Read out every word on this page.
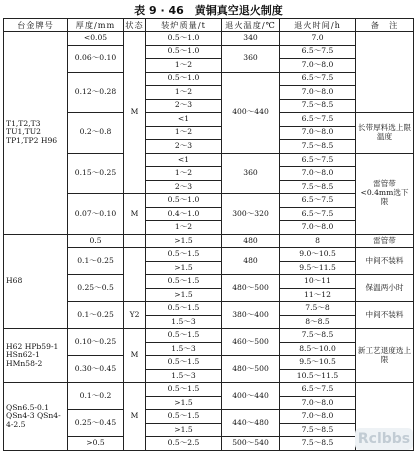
表 9 · 46　黄铜真空退火制度
台金牌号	厚度/mm	状态	装炉质量/t	退火温度/℃	退火时间/h	备　注
T1,T2,T3 TU1,TU2 TP1,TP2 H96	<0.05	M	0.5～1.0	340	7.0	
	0.06～0.10		0.5～1.0	360	6.5～7.5	
			1～2		7.0～8.0	
	0.12～0.28		0.5～1.0	400～440	6.5～7.5	
			1～2		7.0～8.0	
			2～3		7.5～8.5	
	0.2～0.8		<1		6.5～7.5	长带厚料选上限温度
			1～2		7.0～8.0	
			2～3		7.5～8.5	
	0.15～0.25		<1	360	6.5～7.5	雷管带<0.4mm选下限
			1～2		7.0～8.0	
			2～3		7.5～8.5	
	0.07～0.10	M	0.5～1.0	300～320	6.5～7.5	
			0.4～1.0		6.5～7.5	
			1～2		7.0～8.0	
H68	0.5		>1.5	480	8	雷管带
	0.1～0.25		0.5～1.5	480	9.0～10.5	中间不装料
			>1.5		9.5～11.5	
	0.25～0.5		0.5～1.5	480～500	10～11	保温两小时
			>1.5		11～12	
	0.1～0.25	Y2	0.5～1.5	380～400	7.5～8	中间不装料
			1.5～3		8～8.5	
H62 HPb59-1 HSn62-1 HMn58-2	0.10～0.25	M	0.5～1.5	460～500	7.5～8.5	新工艺退度选上限
			1.5～3		8.5～10.0	
	0.30～0.45		0.5～1.5	480～500	9.5～10.5	
			1.5～3		10.5～11.5	
QSn6.5-0.1 QSn4-3 QSn4-4-2.5	0.1～0.2	M	0.5～1.5	400～440	6.5～7.5	
			>1.5		7.0～8.0	
	0.25～0.45		0.5～1.5	440～480	7.0～8.0	
			>1.5		7.5～8.5	
	>0.5		0.5～2.5	500～540	7.5～8.5	Rclbbs
